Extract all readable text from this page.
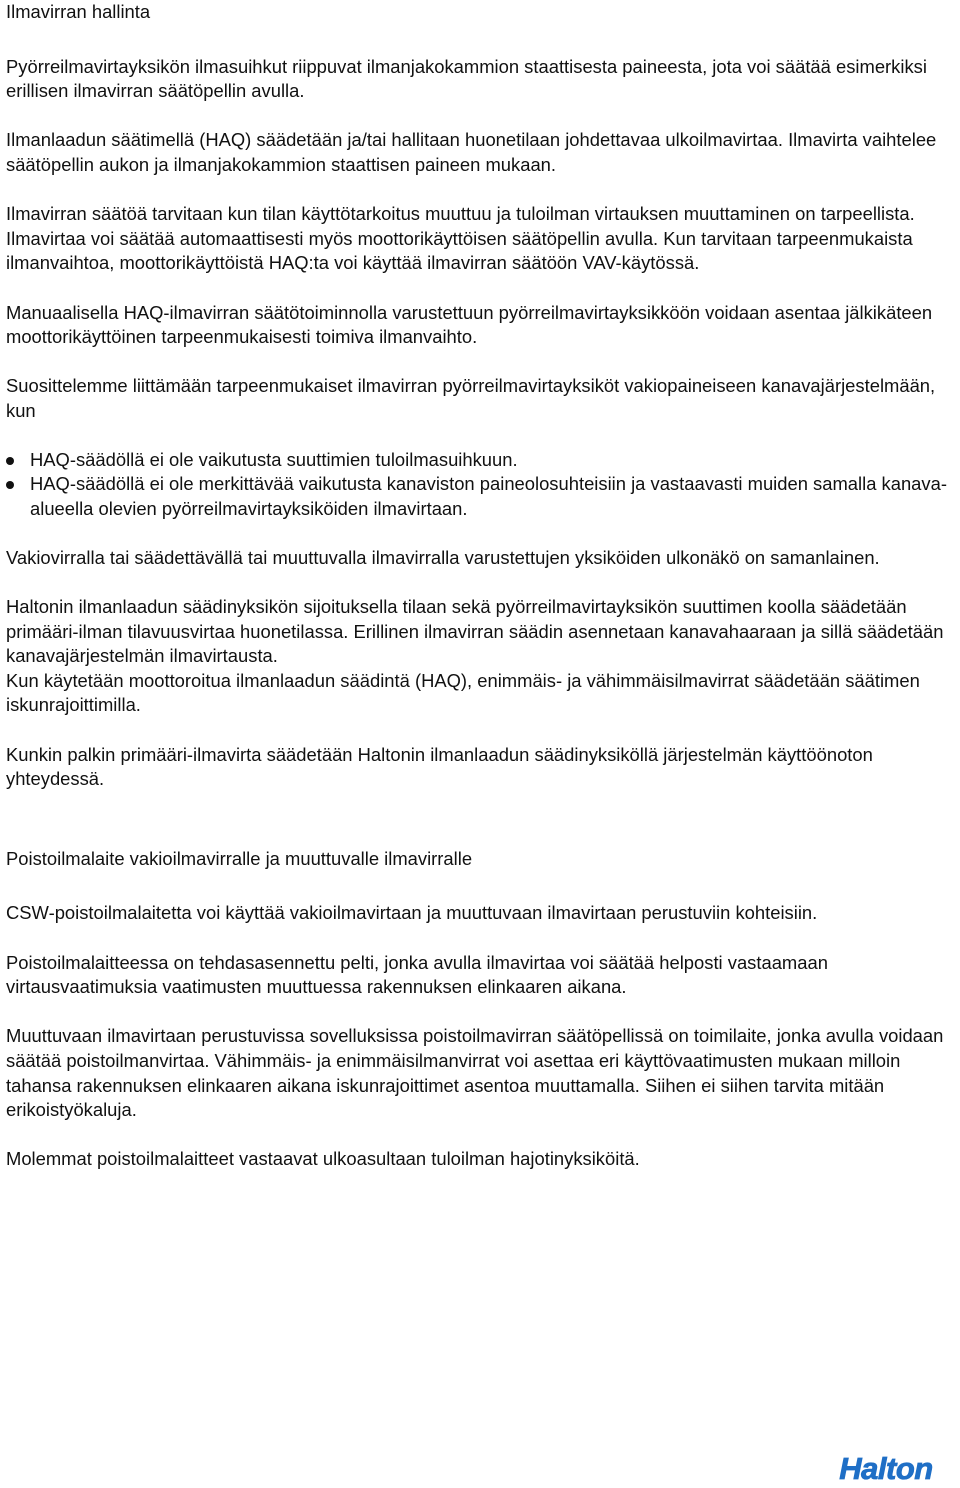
Ilmavirran hallinta

Pyörreilmavirtayksikön ilmasuihkut riippuvat ilmanjakokammion staattisesta paineesta, jota voi säätää esimerkiksi erillisen ilmavirran säätöpellin avulla.

Ilmanlaadun säätimellä (HAQ) säädetään ja/tai hallitaan huonetilaan johdettavaa ulkoilmavirtaa. Ilmavirta vaihtelee säätöpellin aukon ja ilmanjakokammion staattisen paineen mukaan.

Ilmavirran säätöä tarvitaan kun tilan käyttötarkoitus muuttuu ja tuloilman virtauksen muuttaminen on tarpeellista. Ilmavirtaa voi säätää automaattisesti myös moottorikäyttöisen säätöpellin avulla. Kun tarvitaan tarpeenmukaista ilmanvaihtoa, moottorikäyttöistä HAQ:ta voi käyttää ilmavirran säätöön VAV-käytössä.

Manuaalisella HAQ-ilmavirran säätötoiminnolla varustettuun pyörreilmavirtayksikköön voidaan asentaa jälkikäteen moottorikäyttöinen tarpeenmukaisesti toimiva ilmanvaihto.

Suosittelemme liittämään tarpeenmukaiset ilmavirran pyörreilmavirtayksiköt vakiopaineiseen kanavajärjestelmään, kun

HAQ-säädöllä ei ole vaikutusta suuttimien tuloilmasuihkuun.
HAQ-säädöllä ei ole merkittävää vaikutusta kanaviston paineolosuhteisiin ja vastaavasti muiden samalla kanava-alueella olevien pyörreilmavirtayksiköiden ilmavirtaan.

Vakiovirralla tai säädettävällä tai muuttuvalla ilmavirralla varustettujen yksiköiden ulkonäkö on samanlainen.

Haltonin ilmanlaadun säädinyksikön sijoituksella tilaan sekä pyörreilmavirtayksikön suuttimen koolla säädetään primääri-ilman tilavuusvirtaa huonetilassa. Erillinen ilmavirran säädin asennetaan kanavahaaraan ja sillä säädetään kanavajärjestelmän ilmavirtausta.

Kun käytetään moottoroitua ilmanlaadun säädintä (HAQ), enimmäis- ja vähimmäisilmavirrat säädetään säätimen iskunrajoittimilla.

Kunkin palkin primääri-ilmavirta säädetään Haltonin ilmanlaadun säädinyksiköllä järjestelmän käyttöönoton yhteydessä.

Poistoilmalaite vakioilmavirralle ja muuttuvalle ilmavirralle

CSW-poistoilmalaitetta voi käyttää vakioilmavirtaan ja muuttuvaan ilmavirtaan perustuviin kohteisiin.

Poistoilmalaitteessa on tehdasasennettu pelti, jonka avulla ilmavirtaa voi säätää helposti vastaamaan virtausvaatimuksia vaatimusten muuttuessa rakennuksen elinkaaren aikana.

Muuttuvaan ilmavirtaan perustuvissa sovelluksissa poistoilmavirran säätöpellissä on toimilaite, jonka avulla voidaan säätää poistoilmanvirtaa. Vähimmäis- ja enimmäisilmanvirrat voi asettaa eri käyttövaatimusten mukaan milloin tahansa rakennuksen elinkaaren aikana iskunrajoittimet asentoa muuttamalla. Siihen ei siihen tarvita mitään erikoistyökaluja.

Molemmat poistoilmalaitteet vastaavat ulkoasultaan tuloilman hajotinyksiköitä.

Halton
